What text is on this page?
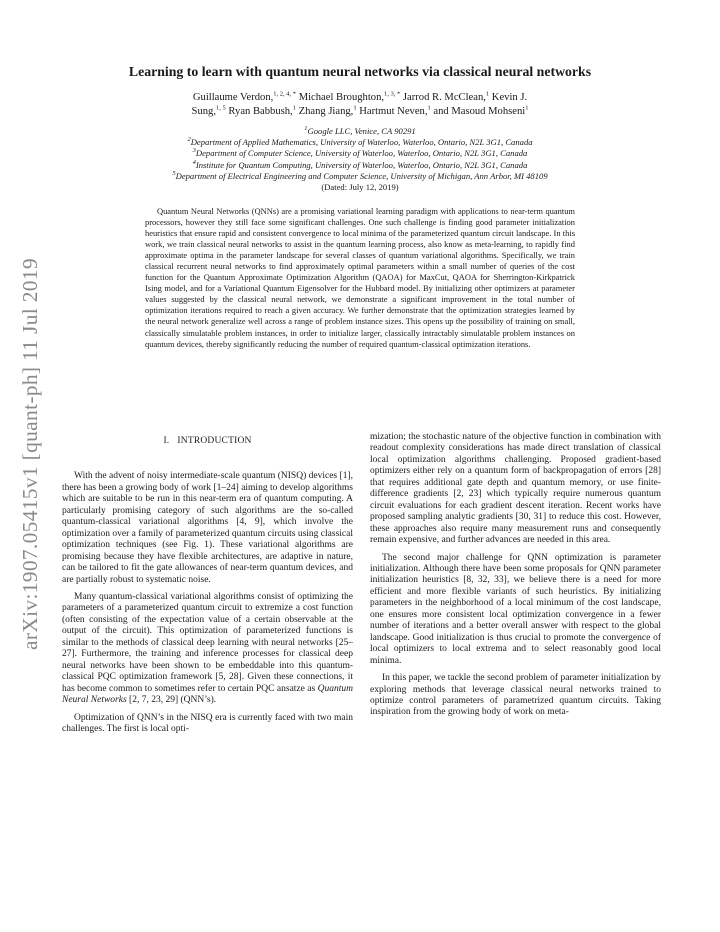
arXiv:1907.05415v1 [quant-ph] 11 Jul 2019
Learning to learn with quantum neural networks via classical neural networks
Guillaume Verdon,$^{1, 2, 4, *}$ Michael Broughton,$^{1, 3, *}$ Jarrod R. McClean,$^1$ Kevin J.
Sung,$^{1, 5}$ Ryan Babbush,$^1$ Zhang Jiang,$^1$ Hartmut Neven,$^1$ and Masoud Mohseni$^1$
$^1$Google LLC, Venice, CA 90291
$^2$Department of Applied Mathematics, University of Waterloo, Waterloo, Ontario, N2L 3G1, Canada
$^3$Department of Computer Science, University of Waterloo, Waterloo, Ontario, N2L 3G1, Canada
$^4$Institute for Quantum Computing, University of Waterloo, Waterloo, Ontario, N2L 3G1, Canada
$^5$Department of Electrical Engineering and Computer Science, University of Michigan, Ann Arbor, MI 48109
(Dated: July 12, 2019)
Quantum Neural Networks (QNNs) are a promising variational learning paradigm with applications to near-term quantum processors, however they still face some significant challenges. One such challenge is finding good parameter initialization heuristics that ensure rapid and consistent convergence to local minima of the parameterized quantum circuit landscape. In this work, we train classical neural networks to assist in the quantum learning process, also know as meta-learning, to rapidly find approximate optima in the parameter landscape for several classes of quantum variational algorithms. Specifically, we train classical recurrent neural networks to find approximately optimal parameters within a small number of queries of the cost function for the Quantum Approximate Optimization Algorithm (QAOA) for MaxCut, QAOA for Sherrington-Kirkpatrick Ising model, and for a Variational Quantum Eigensolver for the Hubbard model. By initializing other optimizers at parameter values suggested by the classical neural network, we demonstrate a significant improvement in the total number of optimization iterations required to reach a given accuracy. We further demonstrate that the optimization strategies learned by the neural network generalize well across a range of problem instance sizes. This opens up the possibility of training on small, classically simulatable problem instances, in order to initialize larger, classically intractably simulatable problem instances on quantum devices, thereby significantly reducing the number of required quantum-classical optimization iterations.
I. INTRODUCTION

With the advent of noisy intermediate-scale quantum (NISQ) devices [1], there has been a growing body of work [1–24] aiming to develop algorithms which are suitable to be run in this near-term era of quantum computing. A particularly promising category of such algorithms are the so-called quantum-classical variational algorithms [4, 9], which involve the optimization over a family of parameterized quantum circuits using classical optimization techniques (see Fig. 1). These variational algorithms are promising because they have flexible architectures, are adaptive in nature, can be tailored to fit the gate allowances of near-term quantum devices, and are partially robust to systematic noise.

Many quantum-classical variational algorithms consist of optimizing the parameters of a parameterized quantum circuit to extremize a cost function (often consisting of the expectation value of a certain observable at the output of the circuit). This optimization of parameterized functions is similar to the methods of classical deep learning with neural networks [25–27]. Furthermore, the training and inference processes for classical deep neural networks have been shown to be embeddable into this quantum-classical PQC optimization framework [5, 28]. Given these connections, it has become common to sometimes refer to certain PQC ansatze as Quantum Neural Networks [2, 7, 23, 29] (QNN’s).

Optimization of QNN’s in the NISQ era is currently faced with two main challenges. The first is local opti-

mization; the stochastic nature of the objective function in combination with readout complexity considerations has made direct translation of classical local optimization algorithms challenging. Proposed gradient-based optimizers either rely on a quantum form of backpropagation of errors [28] that requires additional gate depth and quantum memory, or use finite-difference gradients [2, 23] which typically require numerous quantum circuit evaluations for each gradient descent iteration. Recent works have proposed sampling analytic gradients [30, 31] to reduce this cost. However, these approaches also require many measurement runs and consequently remain expensive, and further advances are needed in this area.

The second major challenge for QNN optimization is parameter initialization. Although there have been some proposals for QNN parameter initialization heuristics [8, 32, 33], we believe there is a need for more efficient and more flexible variants of such heuristics. By initializing parameters in the neighborhood of a local minimum of the cost landscape, one ensures more consistent local optimization convergence in a fewer number of iterations and a better overall answer with respect to the global landscape. Good initialization is thus crucial to promote the convergence of local optimizers to local extrema and to select reasonably good local minima.

In this paper, we tackle the second problem of parameter initialization by exploring methods that leverage classical neural networks trained to optimize control parameters of parametrized quantum circuits. Taking inspiration from the growing body of work on meta-
